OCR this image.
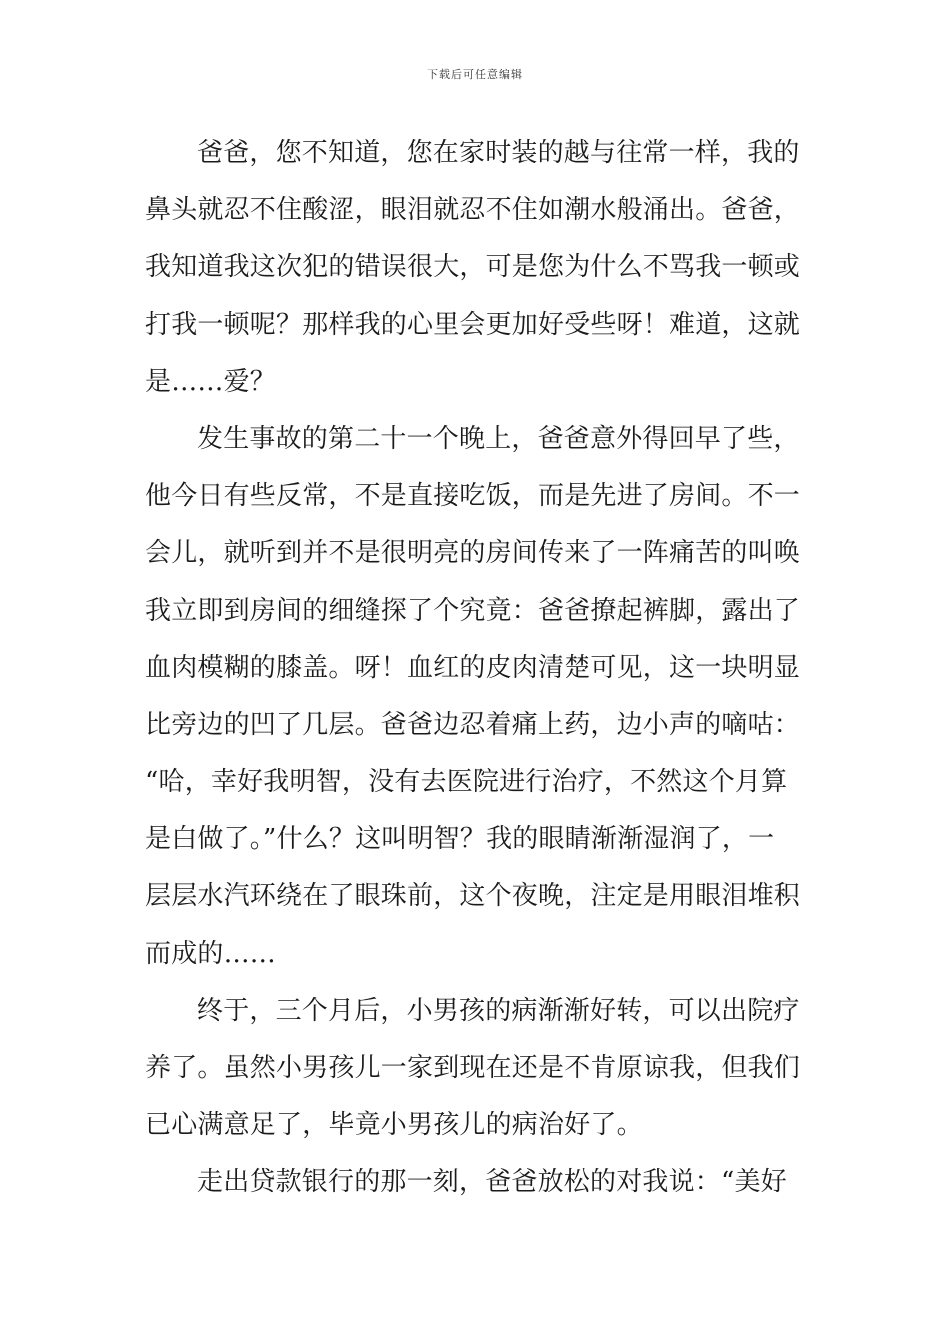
下载后可任意编辑
爸爸，您不知道，您在家时装的越与往常一样，我的
鼻头就忍不住酸涩，眼泪就忍不住如潮水般涌出。爸爸，
我知道我这次犯的错误很大，可是您为什么不骂我一顿或
打我一顿呢？那样我的心里会更加好受些呀！难道，这就
是……爱？
发生事故的第二十一个晚上，爸爸意外得回早了些，
他今日有些反常，不是直接吃饭，而是先进了房间。不一
会儿，就听到并不是很明亮的房间传来了一阵痛苦的叫唤
我立即到房间的细缝探了个究竟：爸爸撩起裤脚，露出了
血肉模糊的膝盖。呀！血红的皮肉清楚可见，这一块明显
比旁边的凹了几层。爸爸边忍着痛上药，边小声的嘀咕：
“哈，幸好我明智，没有去医院进行治疗，不然这个月算
是白做了。”什么？这叫明智？我的眼睛渐渐湿润了，一
层层水汽环绕在了眼珠前，这个夜晚，注定是用眼泪堆积
而成的……
终于，三个月后，小男孩的病渐渐好转，可以出院疗
养了。虽然小男孩儿一家到现在还是不肯原谅我，但我们
已心满意足了，毕竟小男孩儿的病治好了。
走出贷款银行的那一刻，爸爸放松的对我说：“美好
